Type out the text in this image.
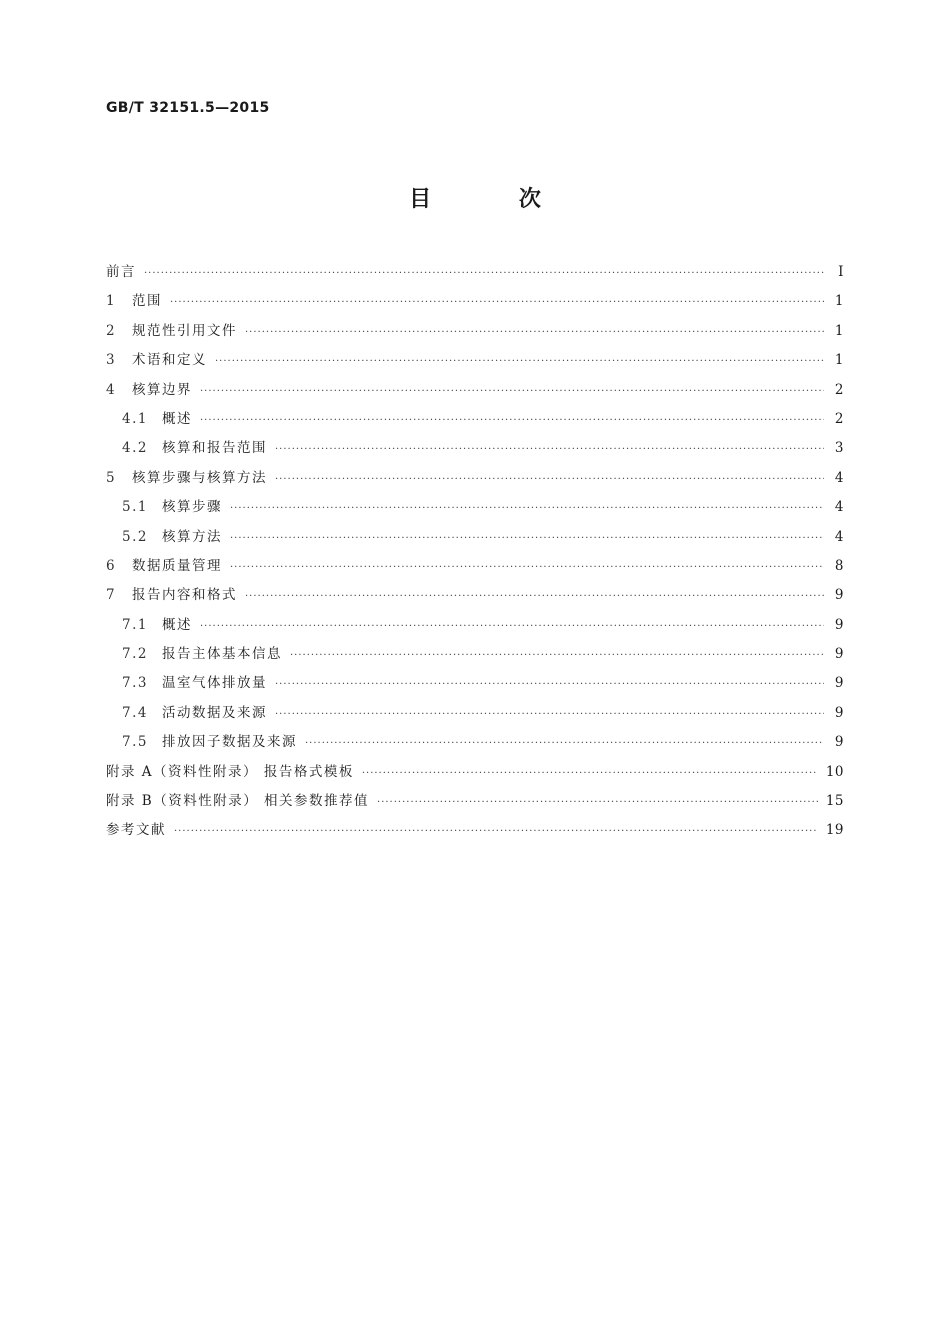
GB/T 32151.5—2015
目 次
前言 ·····	I
1	范围 ·····	1
2	规范性引用文件 ·····	1
3	术语和定义 ·····	1
4	核算边界 ·····	2
4.1	概述 ·····	2
4.2	核算和报告范围 ·····	3
5	核算步骤与核算方法 ·····	4
5.1	核算步骤 ·····	4
5.2	核算方法 ·····	4
6	数据质量管理 ·····	8
7	报告内容和格式 ·····	9
7.1	概述 ·····	9
7.2	报告主体基本信息 ·····	9
7.3	温室气体排放量 ·····	9
7.4	活动数据及来源 ·····	9
7.5	排放因子数据及来源 ·····	9
附录 A（资料性附录） 报告格式模板 ·····	10
附录 B（资料性附录） 相关参数推荐值 ·····	15
参考文献 ·····	19
